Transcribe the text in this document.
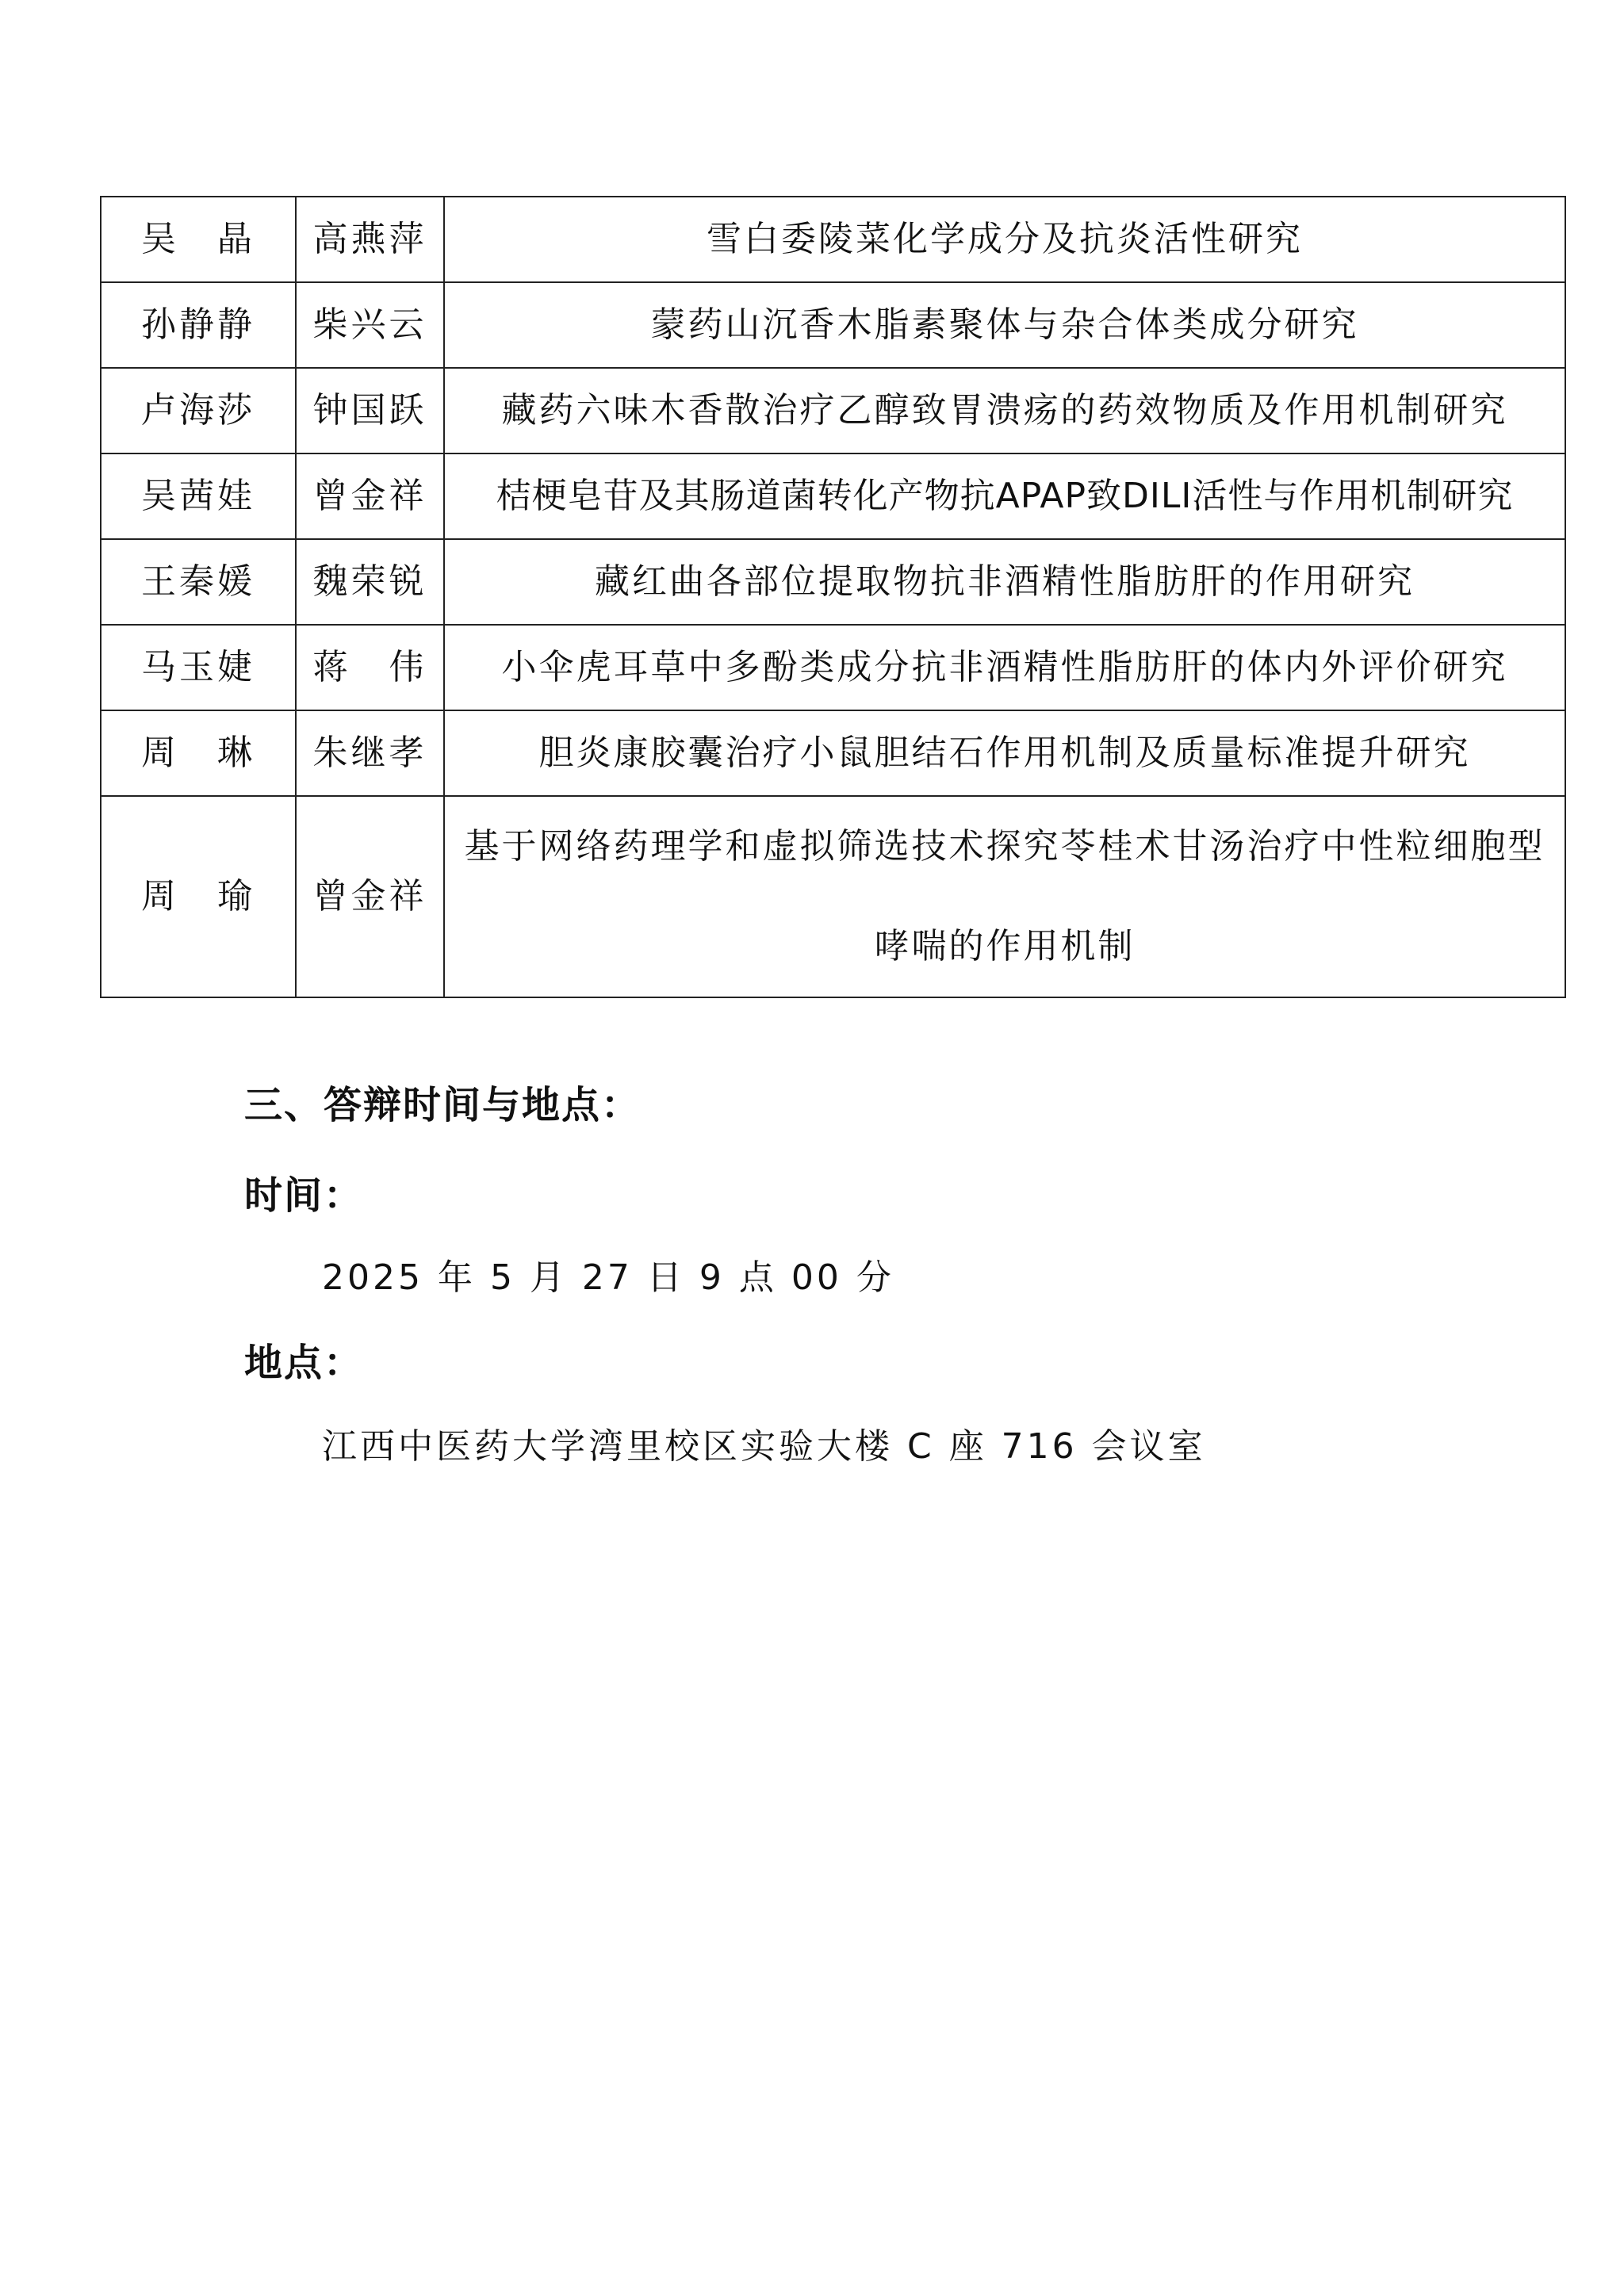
吴　晶	高燕萍	雪白委陵菜化学成分及抗炎活性研究
孙静静	柴兴云	蒙药山沉香木脂素聚体与杂合体类成分研究
卢海莎	钟国跃	藏药六味木香散治疗乙醇致胃溃疡的药效物质及作用机制研究
吴茜娃	曾金祥	桔梗皂苷及其肠道菌转化产物抗APAP致DILI活性与作用机制研究
王秦媛	魏荣锐	藏红曲各部位提取物抗非酒精性脂肪肝的作用研究
马玉婕	蒋　伟	小伞虎耳草中多酚类成分抗非酒精性脂肪肝的体内外评价研究
周　琳	朱继孝	胆炎康胶囊治疗小鼠胆结石作用机制及质量标准提升研究
周　瑜	曾金祥	基于网络药理学和虚拟筛选技术探究苓桂术甘汤治疗中性粒细胞型哮喘的作用机制
三、答辩时间与地点：
时间：
2025 年 5 月 27 日 9 点 00 分
地点：
江西中医药大学湾里校区实验大楼 C 座 716 会议室
